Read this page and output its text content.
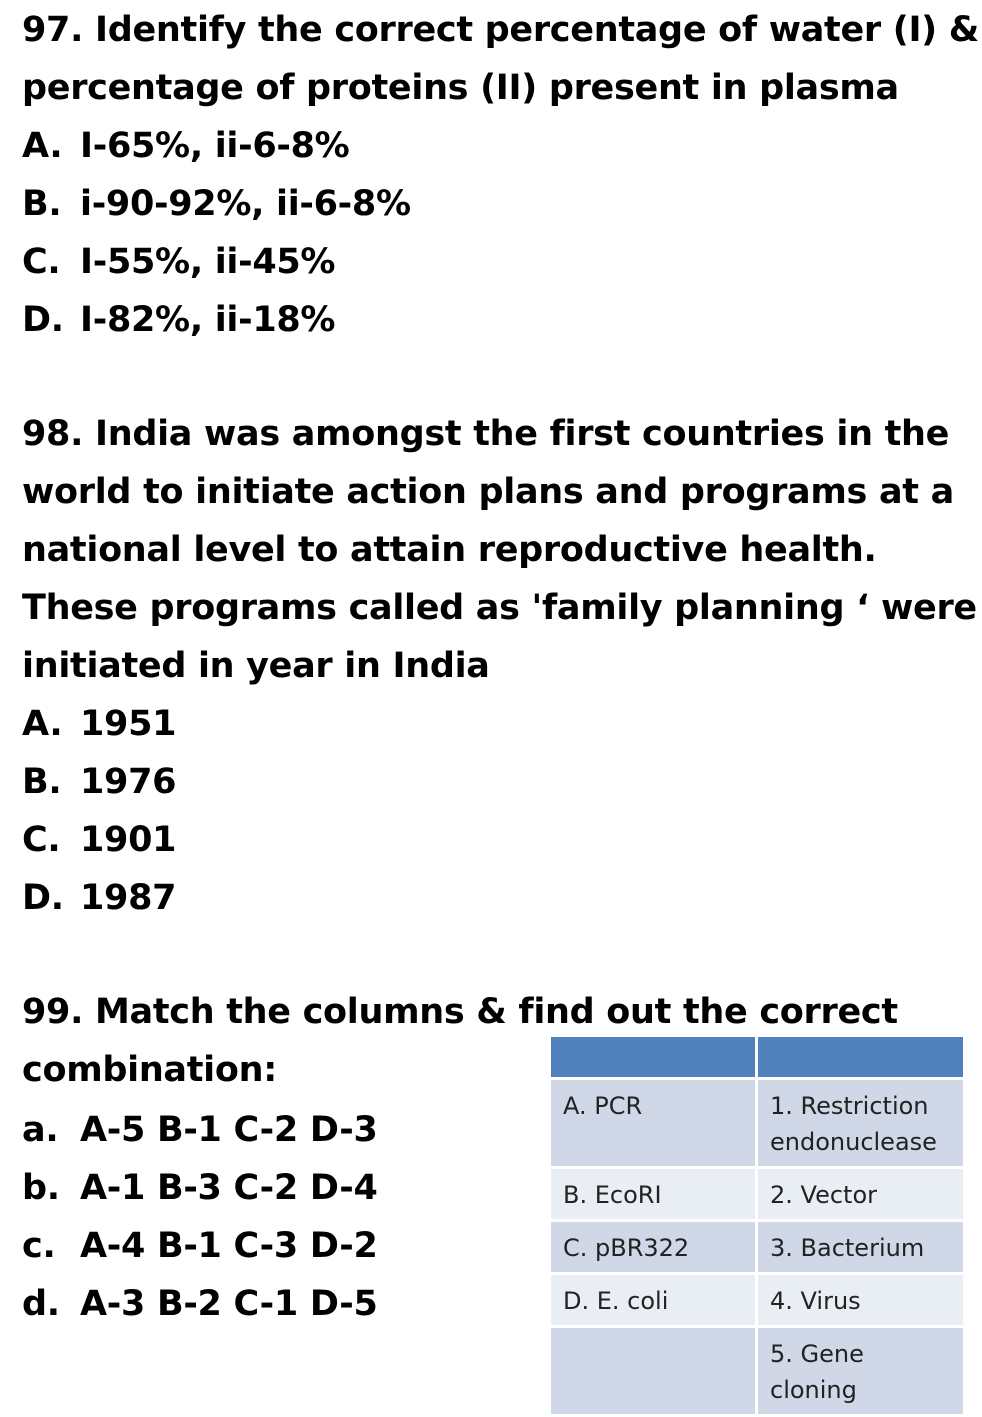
97. Identify the correct percentage of water (I) &
percentage of proteins (II) present in plasma
A. I-65%, ii-6-8%
B. i-90-92%, ii-6-8%
C. I-55%, ii-45%
D. I-82%, ii-18%
98. India was amongst the first countries in the
world to initiate action plans and programs at a
national level to attain reproductive health.
These programs called as 'family planning ‘ were
initiated in year in India
A. 1951
B. 1976
C. 1901
D. 1987
99. Match the columns & find out the correct
combination:
a. A-5 B-1 C-2 D-3
b. A-1 B-3 C-2 D-4
c. A-4 B-1 C-3 D-2
d. A-3 B-2 C-1 D-5

A. PCR	1. Restriction endonuclease
B. EcoRI	2. Vector
C. pBR322	3. Bacterium
D. E. coli	4. Virus
	5. Gene cloning
